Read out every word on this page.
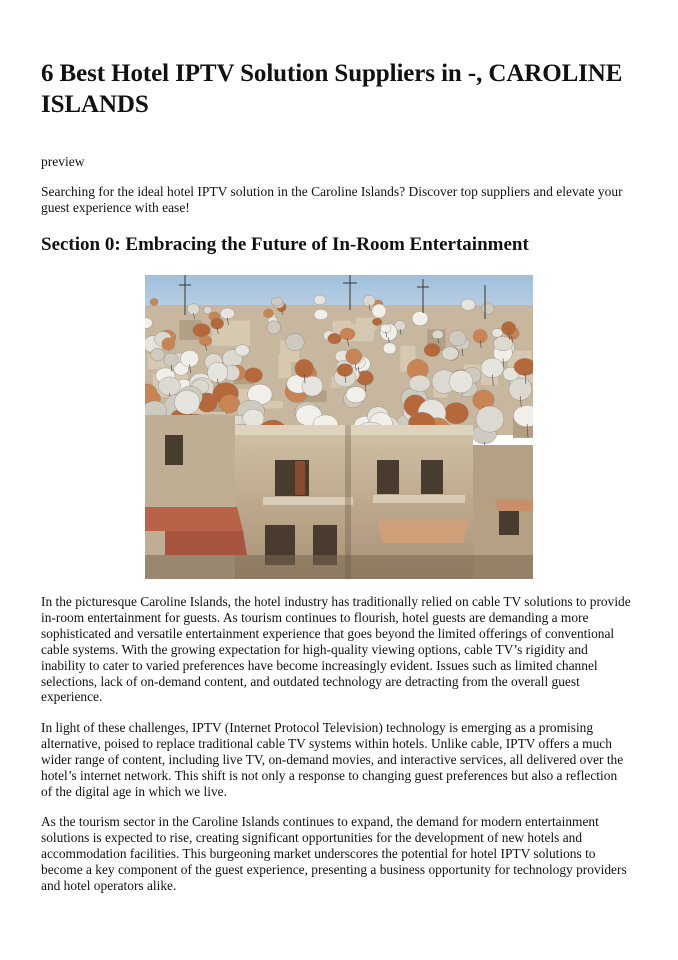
6 Best Hotel IPTV Solution Suppliers in -, CAROLINE ISLANDS

preview

Searching for the ideal hotel IPTV solution in the Caroline Islands? Discover top suppliers and elevate your guest experience with ease!

Section 0: Embracing the Future of In-Room Entertainment

In the picturesque Caroline Islands, the hotel industry has traditionally relied on cable TV solutions to provide in-room entertainment for guests. As tourism continues to flourish, hotel guests are demanding a more sophisticated and versatile entertainment experience that goes beyond the limited offerings of conventional cable systems. With the growing expectation for high-quality viewing options, cable TV’s rigidity and inability to cater to varied preferences have become increasingly evident. Issues such as limited channel selections, lack of on-demand content, and outdated technology are detracting from the overall guest experience.

In light of these challenges, IPTV (Internet Protocol Television) technology is emerging as a promising alternative, poised to replace traditional cable TV systems within hotels. Unlike cable, IPTV offers a much wider range of content, including live TV, on-demand movies, and interactive services, all delivered over the hotel’s internet network. This shift is not only a response to changing guest preferences but also a reflection of the digital age in which we live.

As the tourism sector in the Caroline Islands continues to expand, the demand for modern entertainment solutions is expected to rise, creating significant opportunities for the development of new hotels and accommodation facilities. This burgeoning market underscores the potential for hotel IPTV solutions to become a key component of the guest experience, presenting a business opportunity for technology providers and hotel operators alike.
